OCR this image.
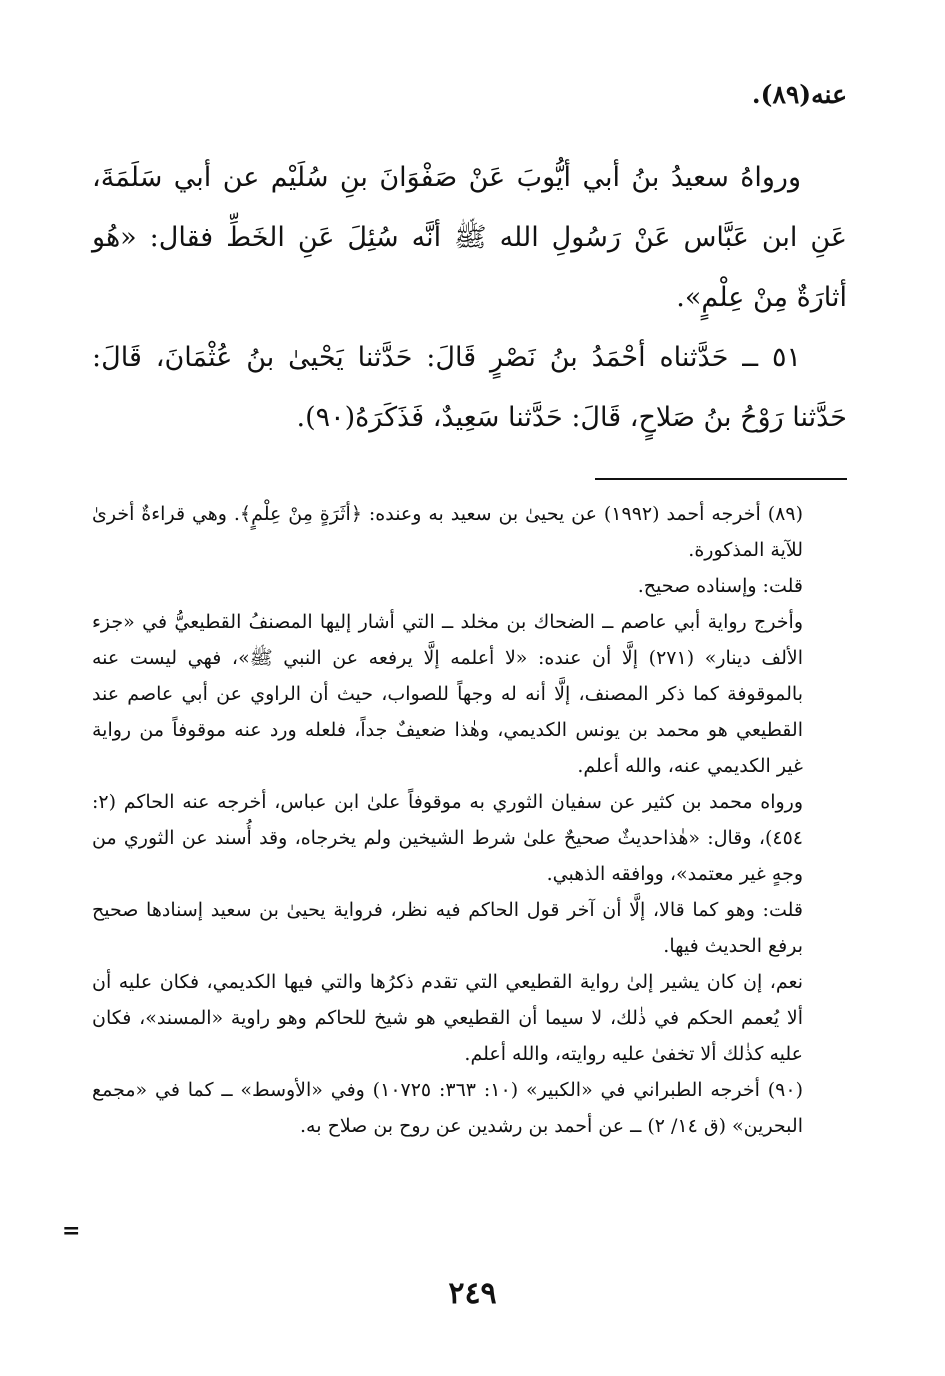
عنه(٨٩).

ورواهُ سعيدُ بنُ أبي أيُّوبَ عَنْ صَفْوَانَ بنِ سُلَيْم عن أبي سَلَمَةَ، عَنِ ابن عَبَّاس عَنْ رَسُولِ الله ﷺ أنَّه سُئِلَ عَنِ الخَطِّ فقال: «هُو أثارَةٌ مِنْ عِلْمٍ».

٥١ ــ حَدَّثناه أحْمَدُ بنُ نَصْرٍ قَالَ: حَدَّثنا يَحْيىٰ بنُ عُثْمَانَ، قَالَ: حَدَّثنا رَوْحُ بنُ صَلاحٍ، قَالَ: حَدَّثنا سَعِيدٌ، فَذَكَرَهُ(٩٠).

(٨٩) أخرجه أحمد (١٩٩٢) عن يحيىٰ بن سعيد به وعنده: ﴿أثَرَةٍ مِنْ عِلْمٍ﴾. وهي قراءةٌ أخرىٰ للآية المذكورة.

قلت: وإسناده صحيح.

وأخرج رواية أبي عاصم ــ الضحاك بن مخلد ــ التي أشار إليها المصنفُ القطيعيُّ في «جزء الألف دينار» (٢٧١) إلَّا أن عنده: «لا أعلمه إلَّا يرفعه عن النبي ﷺ»، فهي ليست عنه بالموقوفة كما ذكر المصنف، إلَّا أنه له وجهاً للصواب، حيث أن الراوي عن أبي عاصم عند القطيعي هو محمد بن يونس الكديمي، وهٰذا ضعيفٌ جداً، فلعله ورد عنه موقوفاً من رواية غير الكديمي عنه، والله أعلم.

ورواه محمد بن كثير عن سفيان الثوري به موقوفاً علىٰ ابن عباس، أخرجه عنه الحاكم (٢: ٤٥٤)، وقال: «هٰذاحديثٌ صحيحٌ علىٰ شرط الشيخين ولم يخرجاه، وقد أُسند عن الثوري من وجهٍ غير معتمد»، ووافقه الذهبي.

قلت: وهو كما قالا، إلَّا أن آخر قول الحاكم فيه نظر، فرواية يحيىٰ بن سعيد إسنادها صحيح برفع الحديث فيها.

نعم، إن كان يشير إلىٰ رواية القطيعي التي تقدم ذكرُها والتي فيها الكديمي، فكان عليه أن ألا يُعمم الحكم في ذٰلك، لا سيما أن القطيعي هو شيخ للحاكم وهو راوية «المسند»، فكان عليه كذٰلك ألا تخفىٰ عليه روايته، والله أعلم.

(٩٠) أخرجه الطبراني في «الكبير» (١٠: ٣٦٣: ١٠٧٢٥) وفي «الأوسط» ــ كما في «مجمع البحرين» (ق ١٤/ ٢) ــ عن أحمد بن رشدين عن روح بن صلاح به.

=
٢٤٩
